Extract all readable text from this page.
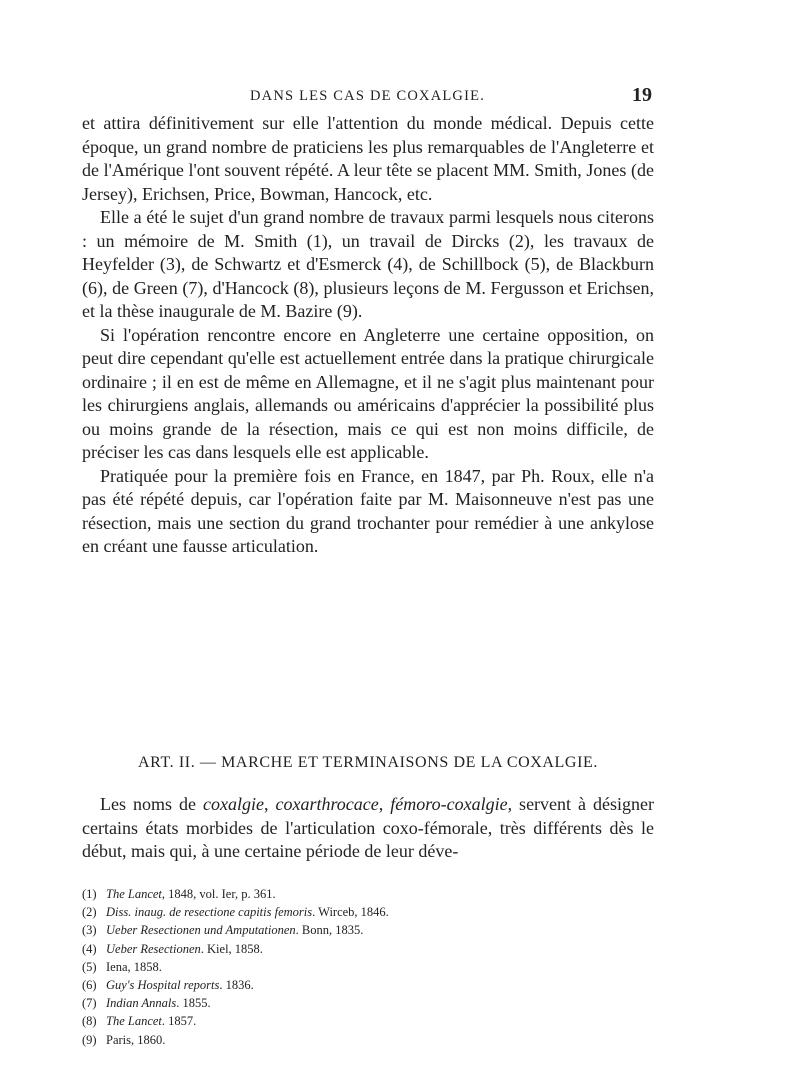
DANS LES CAS DE COXALGIE.	19

et attira définitivement sur elle l'attention du monde médical. Depuis cette époque, un grand nombre de praticiens les plus remarquables de l'Angleterre et de l'Amérique l'ont souvent répété. A leur tête se placent MM. Smith, Jones (de Jersey), Erichsen, Price, Bowman, Hancock, etc.

Elle a été le sujet d'un grand nombre de travaux parmi lesquels nous citerons : un mémoire de M. Smith (1), un travail de Dircks (2), les travaux de Heyfelder (3), de Schwartz et d'Esmerck (4), de Schillbock (5), de Blackburn (6), de Green (7), d'Hancock (8), plusieurs leçons de M. Fergusson et Erichsen, et la thèse inaugurale de M. Bazire (9).

Si l'opération rencontre encore en Angleterre une certaine opposition, on peut dire cependant qu'elle est actuellement entrée dans la pratique chirurgicale ordinaire ; il en est de même en Allemagne, et il ne s'agit plus maintenant pour les chirurgiens anglais, allemands ou américains d'apprécier la possibilité plus ou moins grande de la résection, mais ce qui est non moins difficile, de préciser les cas dans lesquels elle est applicable.

Pratiquée pour la première fois en France, en 1847, par Ph. Roux, elle n'a pas été répété depuis, car l'opération faite par M. Maisonneuve n'est pas une résection, mais une section du grand trochanter pour remédier à une ankylose en créant une fausse articulation.

ART. II. — MARCHE ET TERMINAISONS DE LA COXALGIE.

Les noms de coxalgie, coxarthrocace, fémoro-coxalgie, servent à désigner certains états morbides de l'articulation coxo-fémorale, très différents dès le début, mais qui, à une certaine période de leur déve-

(1) The Lancet, 1848, vol. Ier, p. 361.
(2) Diss. inaug. de resectione capitis femoris. Wirceb, 1846.
(3) Ueber Resectionen und Amputationen. Bonn, 1835.
(4) Ueber Resectionen. Kiel, 1858.
(5) Iena, 1858.
(6) Guy's Hospital reports. 1836.
(7) Indian Annals. 1855.
(8) The Lancet. 1857.
(9) Paris, 1860.
